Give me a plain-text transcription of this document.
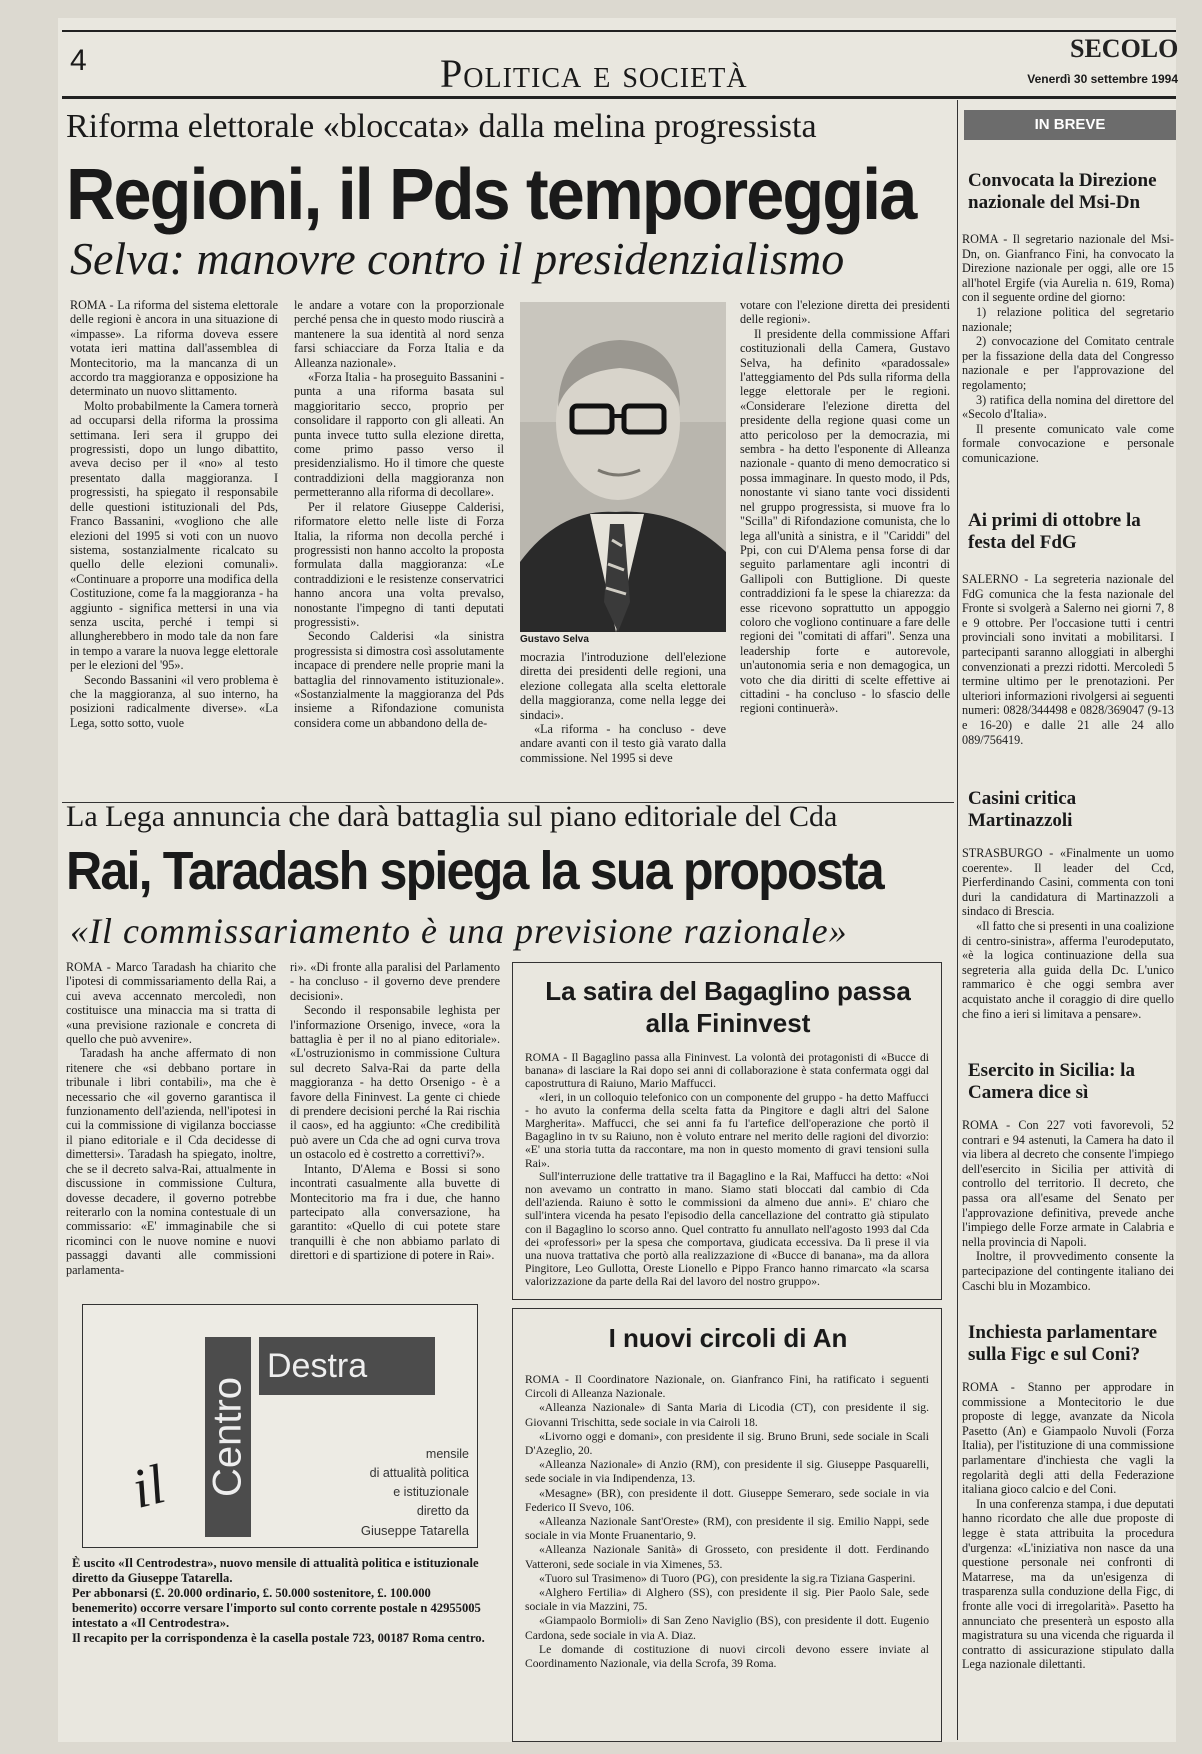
4	Politica e società
SECOLO
Venerdì 30 settembre 1994
Riforma elettorale «bloccata» dalla melina progressista
Regioni, il Pds temporeggia
Selva: manovre contro il presidenzialismo

ROMA - La riforma del sistema elettorale delle regioni è ancora in una situazione di «impasse». La riforma doveva essere votata ieri mattina dall'assemblea di Montecitorio, ma la mancanza di un accordo tra maggioranza e opposizione ha determinato un nuovo slittamento.

Molto probabilmente la Camera tornerà ad occuparsi della riforma la prossima settimana. Ieri sera il gruppo dei progressisti, dopo un lungo dibattito, aveva deciso per il «no» al testo presentato dalla maggioranza. I progressisti, ha spiegato il responsabile delle questioni istituzionali del Pds, Franco Bassanini, «vogliono che alle elezioni del 1995 si voti con un nuovo sistema, sostanzialmente ricalcato su quello delle elezioni comunali». «Continuare a proporre una modifica della Costituzione, come fa la maggioranza - ha aggiunto - significa mettersi in una via senza uscita, perché i tempi si allungherebbero in modo tale da non fare in tempo a varare la nuova legge elettorale per le elezioni del '95».

Secondo Bassanini «il vero problema è che la maggioranza, al suo interno, ha posizioni radicalmente diverse». «La Lega, sotto sotto, vuole

le andare a votare con la proporzionale perché pensa che in questo modo riuscirà a mantenere la sua identità al nord senza farsi schiacciare da Forza Italia e da Alleanza nazionale».

«Forza Italia - ha proseguito Bassanini - punta a una riforma basata sul maggioritario secco, proprio per consolidare il rapporto con gli alleati. An punta invece tutto sulla elezione diretta, come primo passo verso il presidenzialismo. Ho il timore che queste contraddizioni della maggioranza non permetteranno alla riforma di decollare».

Per il relatore Giuseppe Calderisi, riformatore eletto nelle liste di Forza Italia, la riforma non decolla perché i progressisti non hanno accolto la proposta formulata dalla maggioranza: «Le contraddizioni e le resistenze conservatrici hanno ancora una volta prevalso, nonostante l'impegno di tanti deputati progressisti».

Secondo Calderisi «la sinistra progressista si dimostra così assolutamente incapace di prendere nelle proprie mani la battaglia del rinnovamento istituzionale». «Sostanzialmente la maggioranza del Pds insieme a Rifondazione comunista considera come un abbandono della de-

Gustavo Selva

mocrazia l'introduzione dell'elezione diretta dei presidenti delle regioni, una elezione collegata alla scelta elettorale della maggioranza, come nella legge dei sindaci».

«La riforma - ha concluso - deve andare avanti con il testo già varato dalla commissione. Nel 1995 si deve

votare con l'elezione diretta dei presidenti delle regioni».

Il presidente della commissione Affari costituzionali della Camera, Gustavo Selva, ha definito «paradossale» l'atteggiamento del Pds sulla riforma della legge elettorale per le regioni. «Considerare l'elezione diretta del presidente della regione quasi come un atto pericoloso per la democrazia, mi sembra - ha detto l'esponente di Alleanza nazionale - quanto di meno democratico si possa immaginare. In questo modo, il Pds, nonostante vi siano tante voci dissidenti nel gruppo progressista, si muove fra lo "Scilla" di Rifondazione comunista, che lo lega all'unità a sinistra, e il "Cariddi" del Ppi, con cui D'Alema pensa forse di dar seguito parlamentare agli incontri di Gallipoli con Buttiglione. Di queste contraddizioni fa le spese la chiarezza: da esse ricevono soprattutto un appoggio coloro che vogliono continuare a fare delle regioni dei "comitati di affari". Senza una leadership forte e autorevole, un'autonomia seria e non demagogica, un voto che dia diritti di scelte effettive ai cittadini - ha concluso - lo sfascio delle regioni continuerà».

La Lega annuncia che darà battaglia sul piano editoriale del Cda
Rai, Taradash spiega la sua proposta
«Il commissariamento è una previsione razionale»

ROMA - Marco Taradash ha chiarito che l'ipotesi di commissariamento della Rai, a cui aveva accennato mercoledì, non costituisce una minaccia ma si tratta di «una previsione razionale e concreta di quello che può avvenire».

Taradash ha anche affermato di non ritenere che «si debbano portare in tribunale i libri contabili», ma che è necessario che «il governo garantisca il funzionamento dell'azienda, nell'ipotesi in cui la commissione di vigilanza bocciasse il piano editoriale e il Cda decidesse di dimettersi». Taradash ha spiegato, inoltre, che se il decreto salva-Rai, attualmente in discussione in commissione Cultura, dovesse decadere, il governo potrebbe reiterarlo con la nomina contestuale di un commissario: «E' immaginabile che si ricominci con le nuove nomine e nuovi passaggi davanti alle commissioni parlamenta-

ri». «Di fronte alla paralisi del Parlamento - ha concluso - il governo deve prendere decisioni».

Secondo il responsabile leghista per l'informazione Orsenigo, invece, «ora la battaglia è per il no al piano editoriale». «L'ostruzionismo in commissione Cultura sul decreto Salva-Rai da parte della maggioranza - ha detto Orsenigo - è a favore della Fininvest. La gente ci chiede di prendere decisioni perché la Rai rischia il caos», ed ha aggiunto: «Che credibilità può avere un Cda che ad ogni curva trova un ostacolo ed è costretto a correttivi?».

Intanto, D'Alema e Bossi si sono incontrati casualmente alla buvette di Montecitorio ma fra i due, che hanno partecipato alla conversazione, ha garantito: «Quello di cui potete stare tranquilli è che non abbiamo parlato di direttori e di spartizione di potere in Rai».

La satira del Bagaglino passa alla Fininvest

ROMA - Il Bagaglino passa alla Fininvest. La volontà dei protagonisti di «Bucce di banana» di lasciare la Rai dopo sei anni di collaborazione è stata confermata oggi dal capostruttura di Raiuno, Mario Maffucci.

«Ieri, in un colloquio telefonico con un componente del gruppo - ha detto Maffucci - ho avuto la conferma della scelta fatta da Pingitore e dagli altri del Salone Margherita». Maffucci, che sei anni fa fu l'artefice dell'operazione che portò il Bagaglino in tv su Raiuno, non è voluto entrare nel merito delle ragioni del divorzio: «E' una storia tutta da raccontare, ma non in questo momento di gravi tensioni sulla Rai».

Sull'interruzione delle trattative tra il Bagaglino e la Rai, Maffucci ha detto: «Noi non avevamo un contratto in mano. Siamo stati bloccati dal cambio di Cda dell'azienda. Raiuno è sotto le commissioni da almeno due anni». E' chiaro che sull'intera vicenda ha pesato l'episodio della cancellazione del contratto già stipulato con il Bagaglino lo scorso anno. Quel contratto fu annullato nell'agosto 1993 dal Cda dei «professori» per la spesa che comportava, giudicata eccessiva. Da lì prese il via una nuova trattativa che portò alla realizzazione di «Bucce di banana», ma da allora Pingitore, Leo Gullotta, Oreste Lionello e Pippo Franco hanno rimarcato «la scarsa valorizzazione da parte della Rai del lavoro del nostro gruppo».

I nuovi circoli di An

ROMA - Il Coordinatore Nazionale, on. Gianfranco Fini, ha ratificato i seguenti Circoli di Alleanza Nazionale.

«Alleanza Nazionale» di Santa Maria di Licodia (CT), con presidente il sig. Giovanni Trischitta, sede sociale in via Cairoli 18.

«Livorno oggi e domani», con presidente il sig. Bruno Bruni, sede sociale in Scali D'Azeglio, 20.

«Alleanza Nazionale» di Anzio (RM), con presidente il sig. Giuseppe Pasquarelli, sede sociale in via Indipendenza, 13.

«Mesagne» (BR), con presidente il dott. Giuseppe Semeraro, sede sociale in via Federico II Svevo, 106.

«Alleanza Nazionale Sant'Oreste» (RM), con presidente il sig. Emilio Nappi, sede sociale in via Monte Fruanentario, 9.

«Alleanza Nazionale Sanità» di Grosseto, con presidente il dott. Ferdinando Vatteroni, sede sociale in via Ximenes, 53.

«Tuoro sul Trasimeno» di Tuoro (PG), con presidente la sig.ra Tiziana Gasperini.

«Alghero Fertilia» di Alghero (SS), con presidente il sig. Pier Paolo Sale, sede sociale in via Mazzini, 75.

«Giampaolo Bormioli» di San Zeno Naviglio (BS), con presidente il dott. Eugenio Cardona, sede sociale in via A. Diaz.

Le domande di costituzione di nuovi circoli devono essere inviate al Coordinamento Nazionale, via della Scrofa, 39 Roma.

Centro
Destra
il	mensile
di attualità politica
e istituzionale
diretto da
Giuseppe Tatarella
È uscito «Il Centrodestra», nuovo mensile di attualità politica e istituzionale diretto da Giuseppe Tatarella.
Per abbonarsi (£. 20.000 ordinario, £. 50.000 sostenitore, £. 100.000 benemerito) occorre versare l'importo sul conto corrente postale n 42955005 intestato a «Il Centrodestra».
Il recapito per la corrispondenza è la casella postale 723, 00187 Roma centro.
IN BREVE
Convocata la Direzione nazionale del Msi-Dn

ROMA - Il segretario nazionale del Msi-Dn, on. Gianfranco Fini, ha convocato la Direzione nazionale per oggi, alle ore 15 all'hotel Ergife (via Aurelia n. 619, Roma) con il seguente ordine del giorno:

1) relazione politica del segretario nazionale;

2) convocazione del Comitato centrale per la fissazione della data del Congresso nazionale e per l'approvazione del regolamento;

3) ratifica della nomina del direttore del «Secolo d'Italia».

Il presente comunicato vale come formale convocazione e personale comunicazione.

Ai primi di ottobre la festa del FdG

SALERNO - La segreteria nazionale del FdG comunica che la festa nazionale del Fronte si svolgerà a Salerno nei giorni 7, 8 e 9 ottobre. Per l'occasione tutti i centri provinciali sono invitati a mobilitarsi. I partecipanti saranno alloggiati in alberghi convenzionati a prezzi ridotti. Mercoledì 5 termine ultimo per le prenotazioni. Per ulteriori informazioni rivolgersi ai seguenti numeri: 0828/344498 e 0828/369047 (9-13 e 16-20) e dalle 21 alle 24 allo 089/756419.

Casini critica Martinazzoli

STRASBURGO - «Finalmente un uomo coerente». Il leader del Ccd, Pierferdinando Casini, commenta con toni duri la candidatura di Martinazzoli a sindaco di Brescia.

«Il fatto che si presenti in una coalizione di centro-sinistra», afferma l'eurodeputato, «è la logica continuazione della sua segreteria alla guida della Dc. L'unico rammarico è che oggi sembra aver acquistato anche il coraggio di dire quello che fino a ieri si limitava a pensare».

Esercito in Sicilia: la Camera dice sì

ROMA - Con 227 voti favorevoli, 52 contrari e 94 astenuti, la Camera ha dato il via libera al decreto che consente l'impiego dell'esercito in Sicilia per attività di controllo del territorio. Il decreto, che passa ora all'esame del Senato per l'approvazione definitiva, prevede anche l'impiego delle Forze armate in Calabria e nella provincia di Napoli.

Inoltre, il provvedimento consente la partecipazione del contingente italiano dei Caschi blu in Mozambico.

Inchiesta parlamentare sulla Figc e sul Coni?

ROMA - Stanno per approdare in commissione a Montecitorio le due proposte di legge, avanzate da Nicola Pasetto (An) e Giampaolo Nuvoli (Forza Italia), per l'istituzione di una commissione parlamentare d'inchiesta che vagli la regolarità degli atti della Federazione italiana gioco calcio e del Coni.

In una conferenza stampa, i due deputati hanno ricordato che alle due proposte di legge è stata attribuita la procedura d'urgenza: «L'iniziativa non nasce da una questione personale nei confronti di Matarrese, ma da un'esigenza di trasparenza sulla conduzione della Figc, di fronte alle voci di irregolarità». Pasetto ha annunciato che presenterà un esposto alla magistratura su una vicenda che riguarda il contratto di assicurazione stipulato dalla Lega nazionale dilettanti.
